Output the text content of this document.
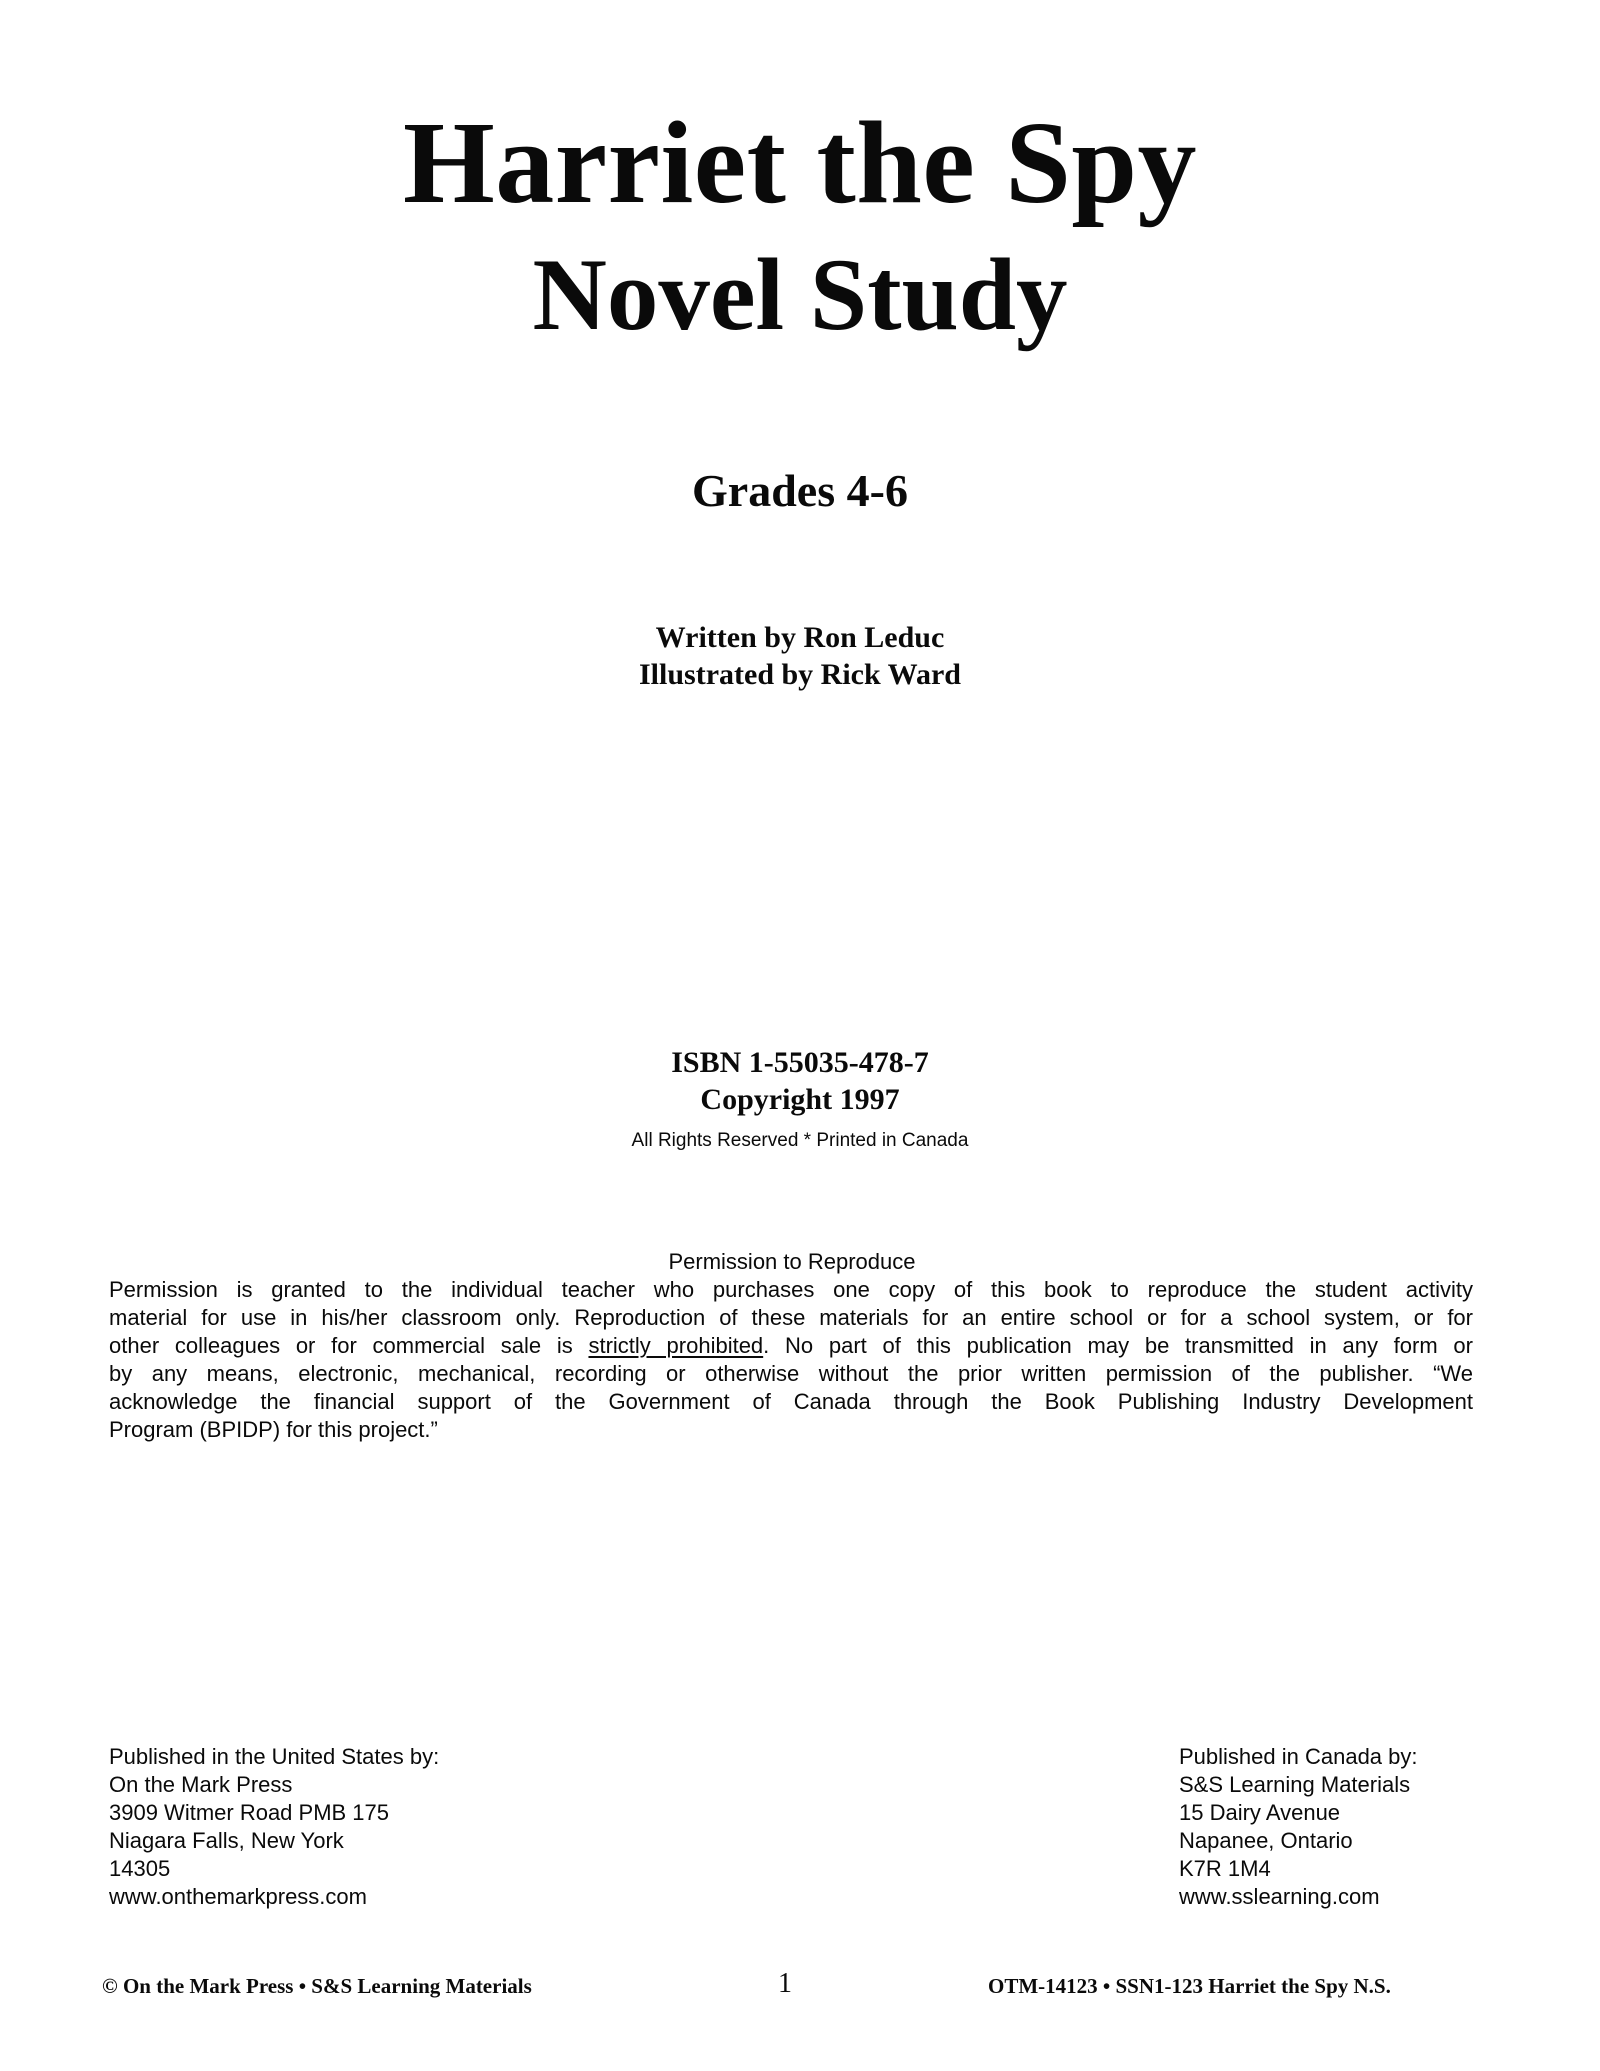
Harriet the Spy
Novel Study
Grades 4-6
Written by Ron Leduc
Illustrated by Rick Ward
ISBN 1-55035-478-7
Copyright 1997
All Rights Reserved * Printed in Canada
Permission to Reproduce
Permission is granted to the individual teacher who purchases one copy of this book to reproduce the student activity
material for use in his/her classroom only. Reproduction of these materials for an entire school or for a school system, or for
other colleagues or for commercial sale is strictly prohibited. No part of this publication may be transmitted in any form or
by any means, electronic, mechanical, recording or otherwise without the prior written permission of the publisher. “We
acknowledge the financial support of the Government of Canada through the Book Publishing Industry Development
Program (BPIDP) for this project.”
Published in the United States by:
On the Mark Press
3909 Witmer Road PMB 175
Niagara Falls, New York
14305
www.onthemarkpress.com
Published in Canada by:
S&S Learning Materials
15 Dairy Avenue
Napanee, Ontario
K7R 1M4
www.sslearning.com
© On the Mark Press • S&S Learning Materials	1	OTM-14123 • SSN1-123 Harriet the Spy N.S.
